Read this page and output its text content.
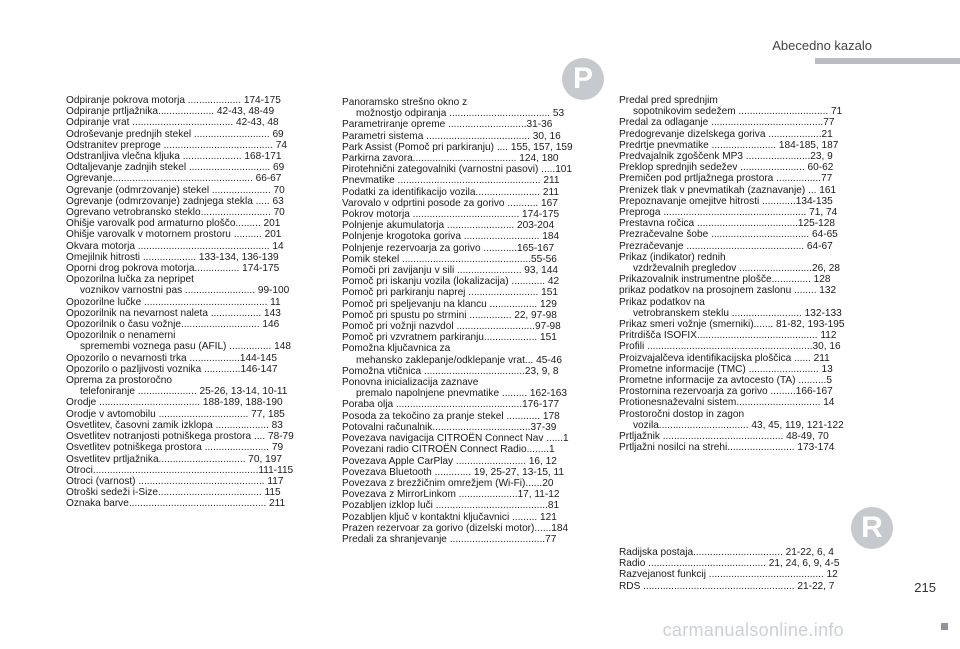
Abecedno kazalo
P
R
Odpiranje pokrova motorja ................... 174-175
Odpiranje prtljažnika.................... 42-43, 48-49
Odpiranje vrat .................................... 42-43, 48
Odroševanje prednjih stekel ........................... 69
Odstranitev preproge ....................................... 74
Odstranljiva vlečna kljuka ..................... 168-171
Odtaljevanje zadnjih stekel ............................. 69
Ogrevanje.................................................. 66-67
Ogrevanje (odmrzovanje) stekel ..................... 70
Ogrevanje (odmrzovanje) zadnjega stekla ..... 63
Ogrevano vetrobransko steklo......................... 70
Ohišje varovalk pod armaturno ploščo......... 201
Ohišje varovalk v motornem prostoru .......... 201
Okvara motorja ............................................... 14
Omejilnik hitrosti ................... 133-134, 136-139
Oporni drog pokrova motorja................ 174-175
Opozorilna lučka za nepripet
voznikov varnostni pas ......................... 99-100
Opozorilne lučke ............................................ 11
Opozorilnik na nevarnost naleta .................. 143
Opozorilnik o času vožnje............................ 146
Opozorilnik o nenamerni
spremembi voznega pasu (AFIL) ............... 148
Opozorilo o nevarnosti trka ..................144-145
Opozorilo o pazljivosti voznika .............146-147
Oprema za prostoročno
telefoniranje ..................... 25-26, 13-14, 10-11
Orodje .................................... 188-189, 188-190
Orodje v avtomobilu ................................ 77, 185
Osvetlitev, časovni zamik izklopa ................... 83
Osvetlitev notranjosti potniškega prostora .... 78-79
Osvetlitev potniškega prostora ....................... 79
Osvetlitev prtljažnika............................... 70, 197
Otroci...........................................................111-115
Otroci (varnost) ............................................. 117
Otroški sedeži i-Size..................................... 115
Oznaka barve................................................. 211
Panoramsko strešno okno z
možnostjo odpiranja .................................... 53
Parametriranje opreme ............................31-36
Parametri sistema ..................................... 30, 16
Park Assist (Pomoč pri parkiranju) .... 155, 157, 159
Parkirna zavora..................................... 124, 180
Pirotehnični zategovalniki (varnostni pasovi) .....101
Pnevmatike ................................................... 211
Podatki za identifikacijo vozila....................... 211
Varovalo v odprtini posode za gorivo ........... 167
Pokrov motorja ...................................... 174-175
Polnjenje akumulatorja ........................ 203-204
Polnjenje krogotoka goriva ........................... 184
Polnjenje rezervoarja za gorivo ............165-167
Pomik stekel ..............................................55-56
Pomoči pri zavijanju v sili ....................... 93, 144
Pomoč pri iskanju vozila (lokalizacija) ............ 42
Pomoč pri parkiranju naprej ......................... 151
Pomoč pri speljevanju na klancu ................. 129
Pomoč pri spustu po strmini ............... 22, 97-98
Pomoč pri vožnji nazvdol ............................97-98
Pomoč pri vzvratnem parkiranju................... 151
Pomožna ključavnica za
mehansko zaklepanje/odklepanje vrat... 45-46
Pomožna vtičnica ....................................23, 9, 8
Ponovna inicializacija zaznave
premalo napolnjene pnevmatike ......... 162-163
Poraba olja .............................................176-177
Posoda za tekočino za pranje stekel ............ 178
Potovalni računalnik...................................37-39
Povezava navigacija CITROËN Connect Nav ......1
Povezani radio CITROËN Connect Radio........1
Povezava Apple CarPlay ......................... 16, 12
Povezava Bluetooth ............. 19, 25-27, 13-15, 11
Povezava z brezžičnim omrežjem (Wi-Fi)......20
Povezava z MirrorLinkom .....................17, 11-12
Pozabljen izklop luči ........................................81
Pozabljen ključ v kontaktni ključavnici ......... 121
Prazen rezervoar za gorivo (dizelski motor)......184
Predali za shranjevanje ..................................77
Predal pred sprednjim
sopotnikovim sedežem ................................ 71
Predal za odlaganje ........................................77
Predogrevanje dizelskega goriva ...................21
Predrtje pnevmatike ....................... 184-185, 187
Predvajalnik zgoščenk MP3 .......................23, 9
Preklop sprednjih sedežev ....................... 60-62
Premičen pod prtljažnega prostora ................77
Prenizek tlak v pnevmatikah (zaznavanje) ... 161
Prepoznavanje omejitve hitrosti ............134-135
Preproga ................................................... 71, 74
Prestavna ročica ....................................125-128
Prezračevalne šobe ................................... 64-65
Prezračevanje .......................................... 64-67
Prikaz (indikator) rednih
vzdrževalnih pregledov ..........................26, 28
Prikazovalnik instrumentne plošče.............. 128
prikaz podatkov na prosojnem zaslonu ........ 132
Prikaz podatkov na
vetrobranskem steklu ......................... 132-133
Prikaz smeri vožnje (smerniki)....... 81-82, 193-195
Pritrdišča ISOFIX........................................... 112
Profili ...........................................................30, 16
Proizvajalčeva identifikacijska ploščica ...... 211
Prometne informacije (TMC) ......................... 13
Prometne informacije za avtocesto (TA) ..........5
Prostornina rezervoarja za gorivo .........166-167
Protionesnaževalni sistem.............................. 14
Prostoročni dostop in zagon
vozila................................ 43, 45, 119, 121-122
Prtljažnik ........................................... 48-49, 70
Prtljažni nosilci na strehi........................ 173-174
Radijska postaja................................ 21-22, 6, 4
Radio .......................................... 21, 24, 6, 9, 4-5
Razvejanost funkcij ......................................... 12
RDS ...................................................... 21-22, 7	215
carmanualsonline.info
